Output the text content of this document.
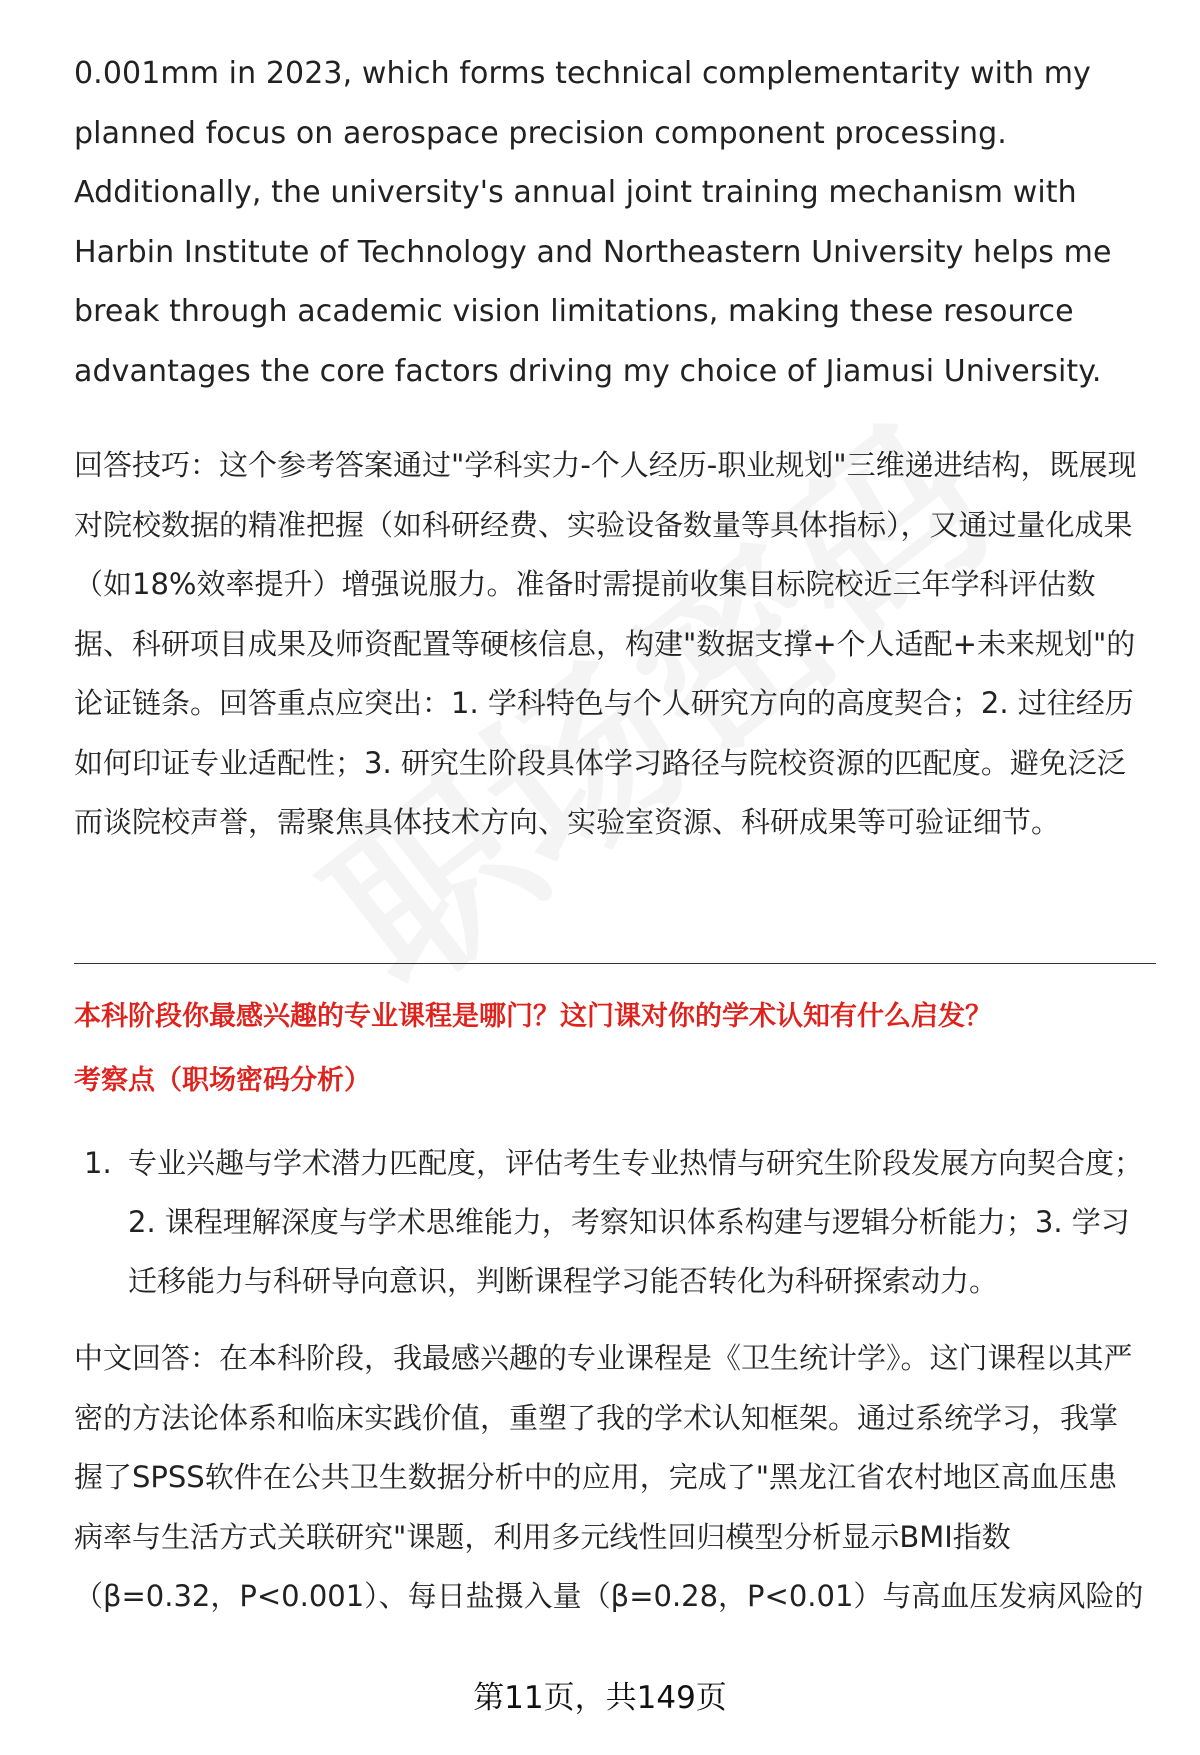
0.001mm in 2023, which forms technical complementarity with my planned focus on aerospace precision component processing. Additionally, the university's annual joint training mechanism with Harbin Institute of Technology and Northeastern University helps me break through academic vision limitations, making these resource advantages the core factors driving my choice of Jiamusi University.

回答技巧：这个参考答案通过"学科实力-个人经历-职业规划"三维递进结构，既展现对院校数据的精准把握（如科研经费、实验设备数量等具体指标），又通过量化成果（如18%效率提升）增强说服力。准备时需提前收集目标院校近三年学科评估数据、科研项目成果及师资配置等硬核信息，构建"数据支撑+个人适配+未来规划"的论证链条。回答重点应突出：1. 学科特色与个人研究方向的高度契合；2. 过往经历如何印证专业适配性；3. 研究生阶段具体学习路径与院校资源的匹配度。避免泛泛而谈院校声誉，需聚焦具体技术方向、实验室资源、科研成果等可验证细节。

本科阶段你最感兴趣的专业课程是哪门？这门课对你的学术认知有什么启发？

考察点（职场密码分析）

1. 专业兴趣与学术潜力匹配度，评估考生专业热情与研究生阶段发展方向契合度；2. 课程理解深度与学术思维能力，考察知识体系构建与逻辑分析能力；3. 学习迁移能力与科研导向意识，判断课程学习能否转化为科研探索动力。

中文回答：在本科阶段，我最感兴趣的专业课程是《卫生统计学》。这门课程以其严密的方法论体系和临床实践价值，重塑了我的学术认知框架。通过系统学习，我掌握了SPSS软件在公共卫生数据分析中的应用，完成了"黑龙江省农村地区高血压患病率与生活方式关联研究"课题，利用多元线性回归模型分析显示BMI指数（β=0.32，P<0.001）、每日盐摄入量（β=0.28，P<0.01）与高血压发病风险的

第11页，共149页
